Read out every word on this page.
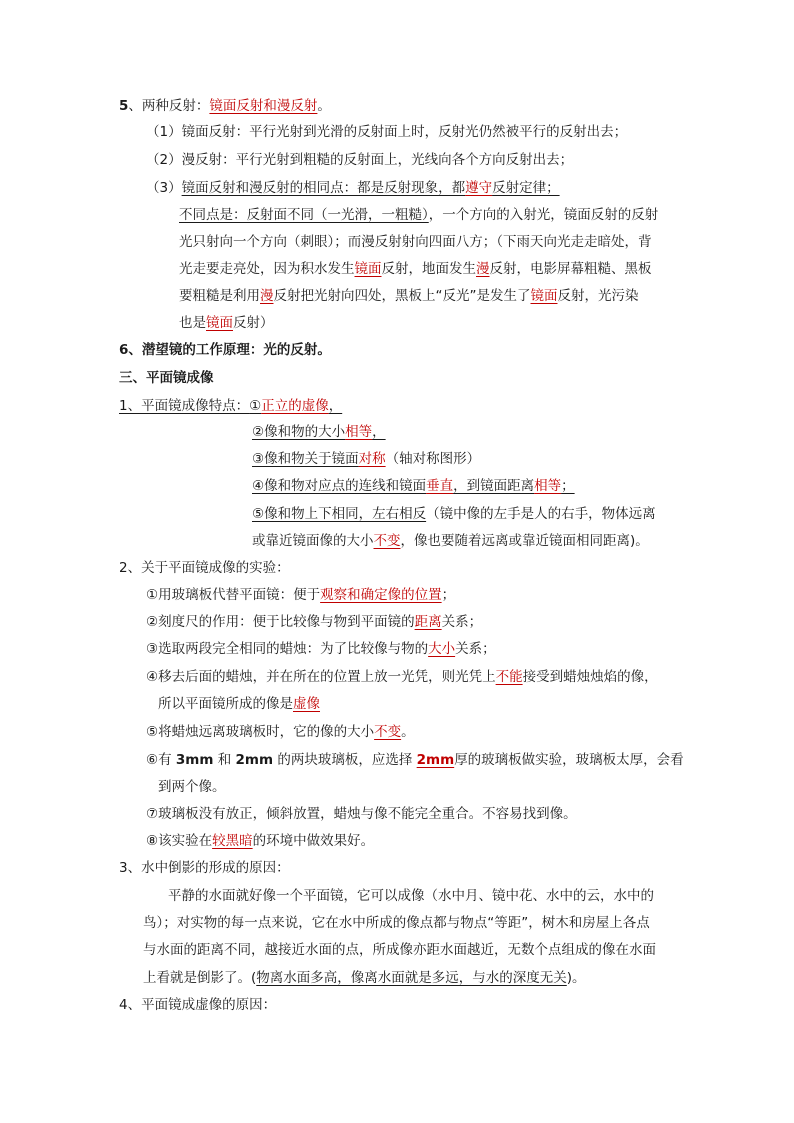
5、两种反射：镜面反射和漫反射。
（1）镜面反射：平行光射到光滑的反射面上时，反射光仍然被平行的反射出去；
（2）漫反射：平行光射到粗糙的反射面上，光线向各个方向反射出去；
（3）镜面反射和漫反射的相同点：都是反射现象，都遵守反射定律；
不同点是：反射面不同（一光滑，一粗糙），一个方向的入射光，镜面反射的反射
光只射向一个方向（刺眼）；而漫反射射向四面八方；（下雨天向光走走暗处，背
光走要走亮处，因为积水发生镜面反射，地面发生漫反射，电影屏幕粗糙、黑板
要粗糙是利用漫反射把光射向四处，黑板上“反光”是发生了镜面反射，光污染
也是镜面反射）
6、潜望镜的工作原理：光的反射。
三、平面镜成像
1、平面镜成像特点：①正立的虚像，
②像和物的大小相等，
③像和物关于镜面对称（轴对称图形）
④像和物对应点的连线和镜面垂直，到镜面距离相等；
⑤像和物上下相同，左右相反（镜中像的左手是人的右手，物体远离
或靠近镜面像的大小不变，像也要随着远离或靠近镜面相同距离)。
2、关于平面镜成像的实验：
①用玻璃板代替平面镜：便于观察和确定像的位置；
②刻度尺的作用：便于比较像与物到平面镜的距离关系；
③选取两段完全相同的蜡烛：为了比较像与物的大小关系；
④移去后面的蜡烛，并在所在的位置上放一光凭，则光凭上不能接受到蜡烛烛焰的像，
所以平面镜所成的像是虚像
⑤将蜡烛远离玻璃板时，它的像的大小不变。
⑥有 3mm 和 2mm 的两块玻璃板，应选择 2mm厚的玻璃板做实验，玻璃板太厚，会看
到两个像。
⑦玻璃板没有放正，倾斜放置，蜡烛与像不能完全重合。不容易找到像。
⑧该实验在较黑暗的环境中做效果好。
3、水中倒影的形成的原因：
平静的水面就好像一个平面镜，它可以成像（水中月、镜中花、水中的云，水中的
鸟）；对实物的每一点来说，它在水中所成的像点都与物点“等距”，树木和房屋上各点
与水面的距离不同，越接近水面的点，所成像亦距水面越近，无数个点组成的像在水面
上看就是倒影了。(物离水面多高，像离水面就是多远，与水的深度无关)。
4、平面镜成虚像的原因：
